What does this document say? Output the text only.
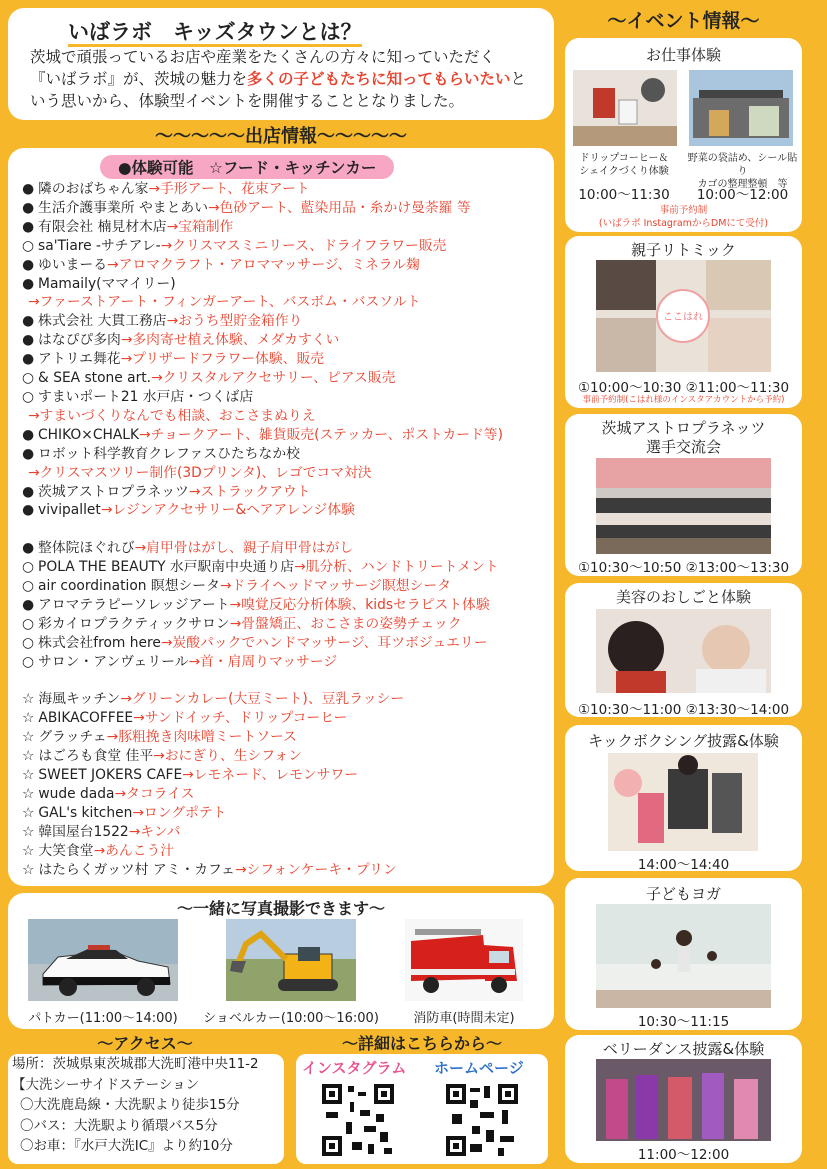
いばラボ　キッズタウンとは？
茨城で頑張っているお店や産業をたくさんの方々に知っていただく
『いばラボ』が、茨城の魅力を多くの子どもたちに知ってもらいたいと
いう思いから、体験型イベントを開催することとなりました。
〜〜〜〜〜出店情報〜〜〜〜〜
●体験可能　☆フード・キッチンカー
● 隣のおばちゃん家→手形アート、花束アート
● 生活介護事業所 やまとあい→色砂アート、藍染用品・糸かけ曼荼羅 等
● 有限会社 楠見材木店→宝箱制作
○ sa'Tiare -サチアレ-→クリスマスミニリース、ドライフラワー販売
● ゆいまーる→アロマクラフト・アロママッサージ、ミネラル麹
● Mamaily(ママイリー)
→ファーストアート・フィンガーアート、バスボム・バスソルト
● 株式会社 大貫工務店→おうち型貯金箱作り
● はなぴぴ多肉→多肉寄せ植え体験、メダカすくい
● アトリエ舞花→プリザードフラワー体験、販売
○ & SEA stone art.→クリスタルアクセサリー、ピアス販売
○ すまいポート21 水戸店・つくば店
→すまいづくりなんでも相談、おこさまぬりえ
● CHIKO×CHALK→チョークアート、雑貨販売(ステッカー、ポストカード等)
● ロボット科学教育クレファスひたちなか校
→クリスマスツリー制作(3Dプリンタ)、レゴでコマ対決
● 茨城アストロプラネッツ→ストラックアウト
● vivipallet→レジンアクセサリー&ヘアアレンジ体験
● 整体院ほぐれび→肩甲骨はがし、親子肩甲骨はがし
○ POLA THE BEAUTY 水戸駅南中央通り店→肌分析、ハンドトリートメント
○ air coordination 瞑想シータ→ドライヘッドマッサージ瞑想シータ
● アロマテラピーソレッジアート→嗅覚反応分析体験、kidsセラピスト体験
○ 彩カイロプラクティックサロン→骨盤矯正、おこさまの姿勢チェック
○ 株式会社from here→炭酸パックでハンドマッサージ、耳ツボジュエリー
○ サロン・アンヴェリール→首・肩周りマッサージ
☆ 海風キッチン→グリーンカレー(大豆ミート)、豆乳ラッシー
☆ ABIKACOFFEE→サンドイッチ、ドリップコーヒー
☆ グラッチェ→豚粗挽き肉味噌ミートソース
☆ はごろも食堂 佳平→おにぎり、生シフォン
☆ SWEET JOKERS CAFE→レモネード、レモンサワー
☆ wude dada→タコライス
☆ GAL's kitchen→ロングポテト
☆ 韓国屋台1522→キンパ
☆ 大笑食堂→あんこう汁
☆ はたらくガッツ村 アミ・カフェ→シフォンケーキ・プリン
〜一緒に写真撮影できます〜
パトカー(11:00〜14:00)	ショベルカー(10:00〜16:00)	消防車(時間未定)
〜アクセス〜
場所：茨城県東茨城郡大洗町港中央11-2
【大洗シーサイドステーション
〇大洗鹿島線・大洗駅より徒歩15分
〇バス：大洗駅より循環バス5分
〇お車：『水戸大洗IC』より約10分
〜詳細はこちらから〜
インスタグラム ホームページ
〜イベント情報〜
お仕事体験
ドリップコーヒー＆
シェイクづくり体験
野菜の袋詰め、シール貼り
カゴの整理整頓　等
10:00〜11:30	10:00〜12:00
事前予約制
(いばラボ InstagramからDMにて受付)
親子リトミック
ここはれ
①10:00〜10:30 ②11:00〜11:30
事前予約制(こはれ様のインスタアカウントから予約)
茨城アストロプラネッツ
選手交流会
①10:30〜10:50 ②13:00〜13:30
美容のおしごと体験
①10:30〜11:00 ②13:30〜14:00
キックボクシング披露&体験
14:00〜14:40
子どもヨガ
10:30〜11:15
ベリーダンス披露&体験
11:00〜12:00
